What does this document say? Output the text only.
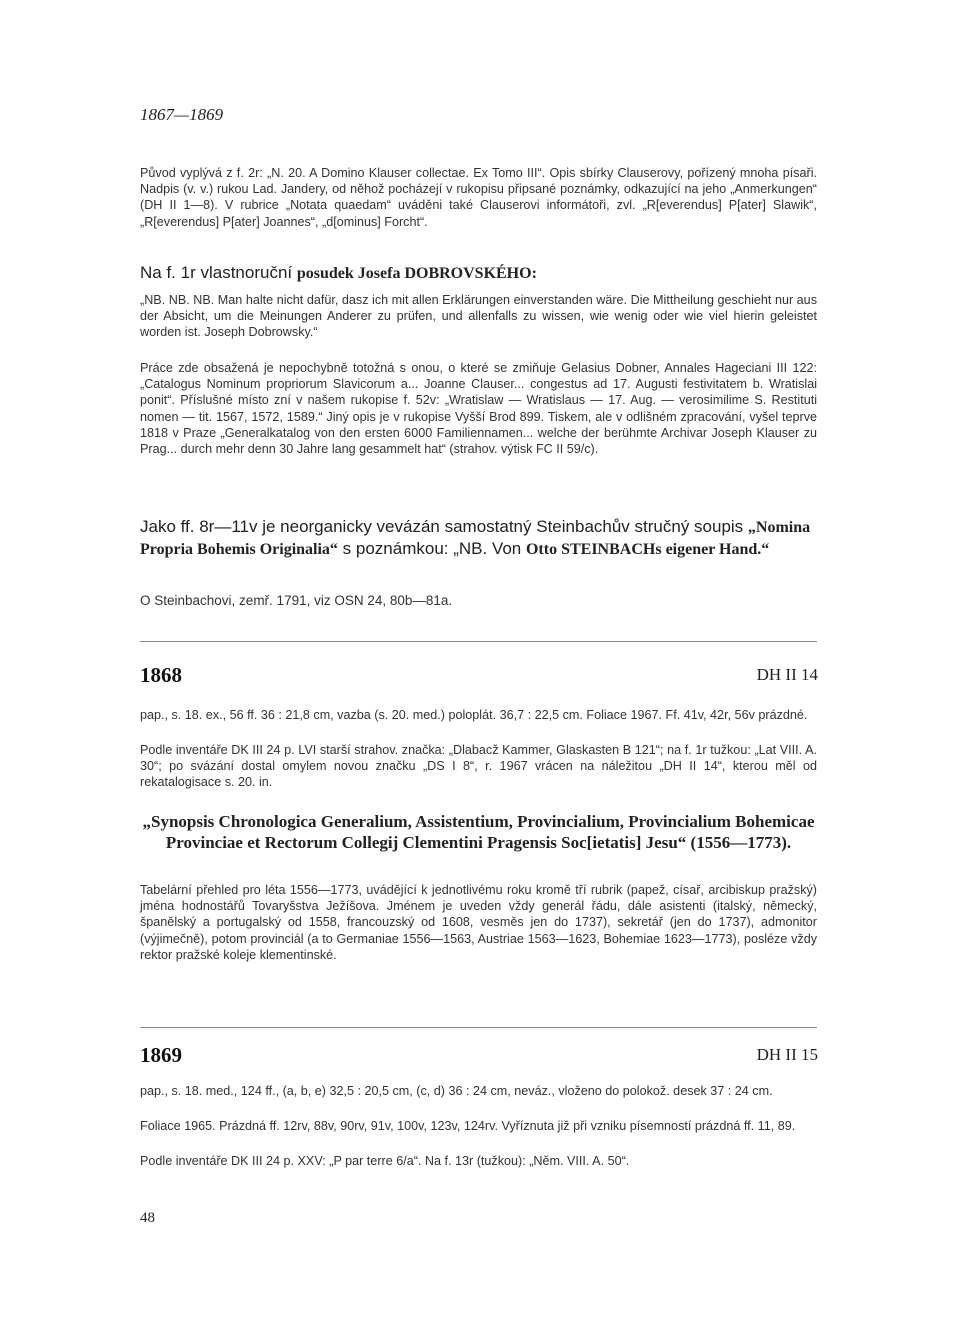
1867—1869

Původ vyplývá z f. 2r: „N. 20. A Domino Klauser collectae. Ex Tomo III“. Opis sbírky Clauserovy, pořízený mnoha písaři. Nadpis (v. v.) rukou Lad. Jandery, od něhož pocházejí v rukopisu připsané poznámky, odkazující na jeho „Anmerkungen“ (DH II 1—8). V rubrice „Notata quaedam“ uváděni také Clauserovi informátoři, zvl. „R[everendus] P[ater] Slawik“, „R[everendus] P[ater] Joannes“, „d[ominus] Forcht“.

Na f. 1r vlastnoruční posudek Josefa DOBROVSKÉHO:

„NB. NB. NB. Man halte nicht dafür, dasz ich mit allen Erklärungen einverstanden wäre. Die Mittheilung geschieht nur aus der Absicht, um die Meinungen Anderer zu prüfen, und allenfalls zu wissen, wie wenig oder wie viel hierin geleistet worden ist. Joseph Dobrowsky.“

Práce zde obsažená je nepochybně totožná s onou, o které se zmiňuje Gelasius Dobner, Annales Hageciani III 122: „Catalogus Nominum propriorum Slavicorum a... Joanne Clauser... congestus ad 17. Augusti festivitatem b. Wratislai ponit“. Příslušné místo zní v našem rukopise f. 52v: „Wratislaw — Wratislaus — 17. Aug. — verosimilime S. Restituti nomen — tit. 1567, 1572, 1589.“ Jiný opis je v rukopise Vyšší Brod 899. Tiskem, ale v odlišném zpracování, vyšel teprve 1818 v Praze „Generalkatalog von den ersten 6000 Familiennamen... welche der berühmte Archivar Joseph Klauser zu Prag... durch mehr denn 30 Jahre lang gesammelt hat“ (strahov. výtisk FC II 59/c).

Jako ff. 8r—11v je neorganicky vevázán samostatný Steinbachův stručný soupis „Nomina Propria Bohemis Originalia“ s poznámkou: „NB. Von Otto STEINBACHs eigener Hand.“

O Steinbachovi, zemř. 1791, viz OSN 24, 80b—81a.

1868	DH II 14

pap., s. 18. ex., 56 ff. 36 : 21,8 cm, vazba (s. 20. med.) poloplát. 36,7 : 22,5 cm. Foliace 1967. Ff. 41v, 42r, 56v prázdné.

Podle inventáře DK III 24 p. LVI starší strahov. značka: „Dlabacž Kammer, Glaskasten B 121“; na f. 1r tužkou: „Lat VIII. A. 30“; po svázání dostal omylem novou značku „DS I 8“, r. 1967 vrácen na náležitou „DH II 14“, kterou měl od rekatalogisace s. 20. in.

„Synopsis Chronologica Generalium, Assistentium, Provincialium, Provincialium Bohemicae Provinciae et Rectorum Collegij Clementini Pragensis Soc[ietatis] Jesu“ (1556—1773).

Tabelární přehled pro léta 1556—1773, uvádějící k jednotlivému roku kromě tří rubrik (papež, císař, arcibiskup pražský) jména hodnostářů Tovaryšstva Ježíšova. Jménem je uveden vždy generál řádu, dále asistenti (italský, německý, španělský a portugalský od 1558, francouzský od 1608, vesměs jen do 1737), sekretář (jen do 1737), admonitor (výjimečně), potom provinciál (a to Germaniae 1556—1563, Austriae 1563—1623, Bohemiae 1623—1773), posléze vždy rektor pražské koleje klementinské.

1869	DH II 15

pap., s. 18. med., 124 ff., (a, b, e) 32,5 : 20,5 cm, (c, d) 36 : 24 cm, neváz., vloženo do polokož. desek 37 : 24 cm.

Foliace 1965. Prázdná ff. 12rv, 88v, 90rv, 91v, 100v, 123v, 124rv. Vyříznuta již při vzniku písemností prázdná ff. 11, 89.

Podle inventáře DK III 24 p. XXV: „P par terre 6/a“. Na f. 13r (tužkou): „Něm. VIII. A. 50“.

48
